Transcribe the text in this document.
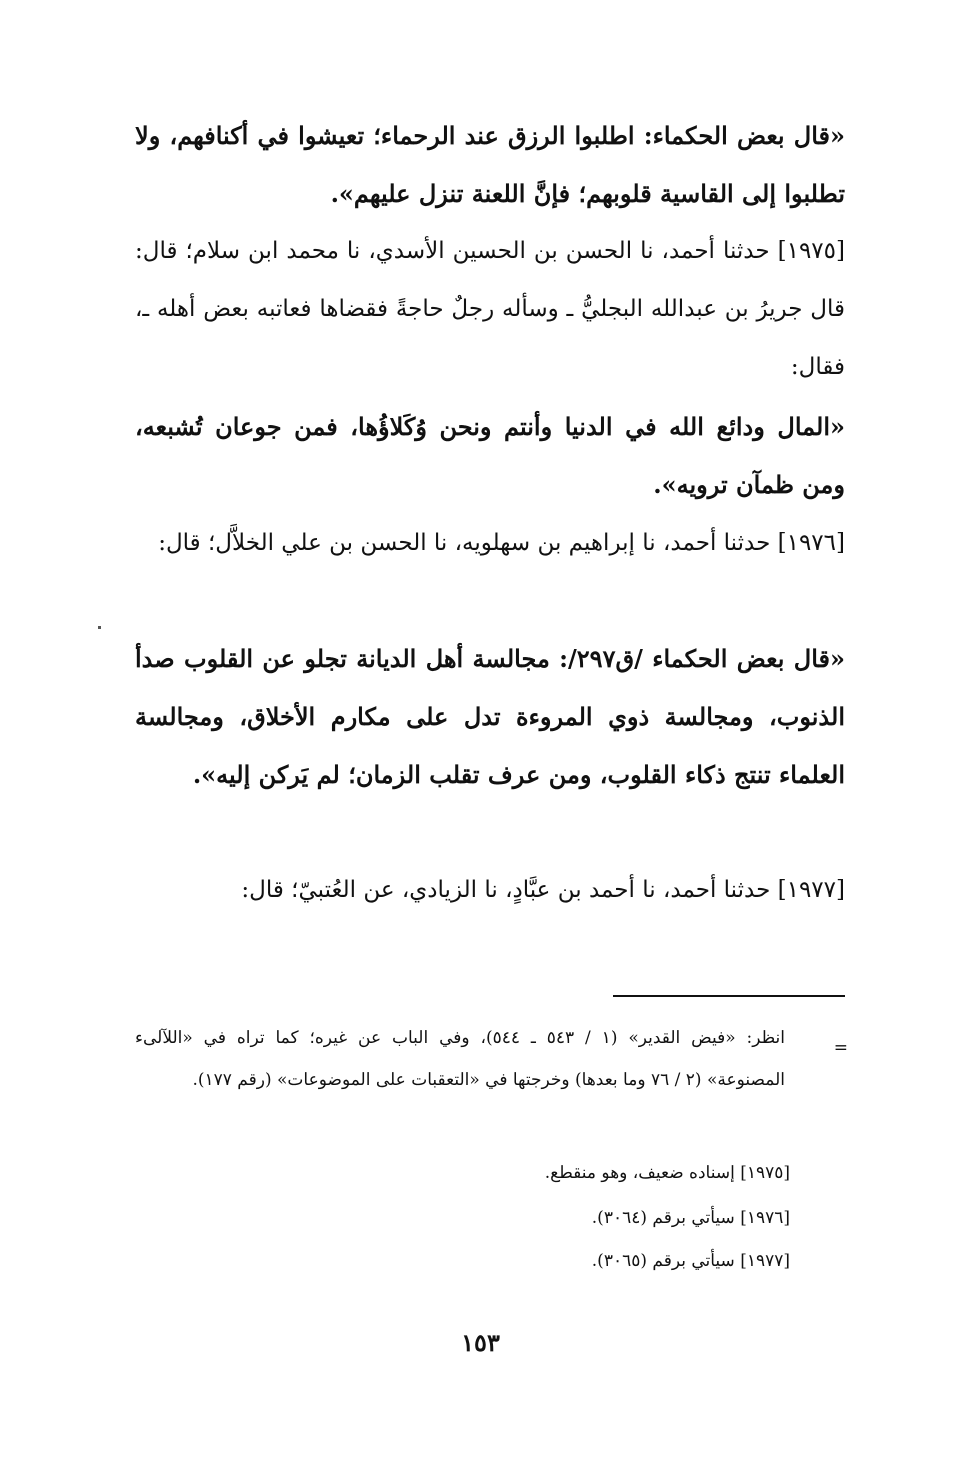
«قال بعض الحكماء: اطلبوا الرزق عند الرحماء؛ تعيشوا في أكنافهم، ولا تطلبوا إلى القاسية قلوبهم؛ فإنَّ اللعنة تنزل عليهم».

[١٩٧٥] حدثنا أحمد، نا الحسن بن الحسين الأسدي، نا محمد ابن سلام؛ قال: قال جريرُ بن عبدالله البجليُّ ـ وسأله رجلٌ حاجةً فقضاها فعاتبه بعض أهله ـ، فقال:

«المال ودائع الله في الدنيا وأنتم ونحن وُكَلاؤُها، فمن جوعان تُشبعه، ومن ظمآن ترويه».

[١٩٧٦] حدثنا أحمد، نا إبراهيم بن سهلويه، نا الحسن بن علي الخلاَّل؛ قال:

«قال بعض الحكماء /ق٢٩٧/: مجالسة أهل الديانة تجلو عن القلوب صدأ الذنوب، ومجالسة ذوي المروءة تدل على مكارم الأخلاق، ومجالسة العلماء تنتج ذكاء القلوب، ومن عرف تقلب الزمان؛ لم يَركن إليه».

[١٩٧٧] حدثنا أحمد، نا أحمد بن عبَّادٍ، نا الزيادي، عن العُتبيّ؛ قال:

=

انظر: «فيض القدير» (١ / ٥٤٣ ـ ٥٤٤)، وفي الباب عن غيره؛ كما تراه في «اللآلىء المصنوعة» (٢ / ٧٦ وما بعدها) وخرجتها في «التعقبات على الموضوعات» (رقم ١٧٧).

[١٩٧٥] إسناده ضعيف، وهو منقطع.
[١٩٧٦] سيأتي برقم (٣٠٦٤).
[١٩٧٧] سيأتي برقم (٣٠٦٥).
١٥٣
